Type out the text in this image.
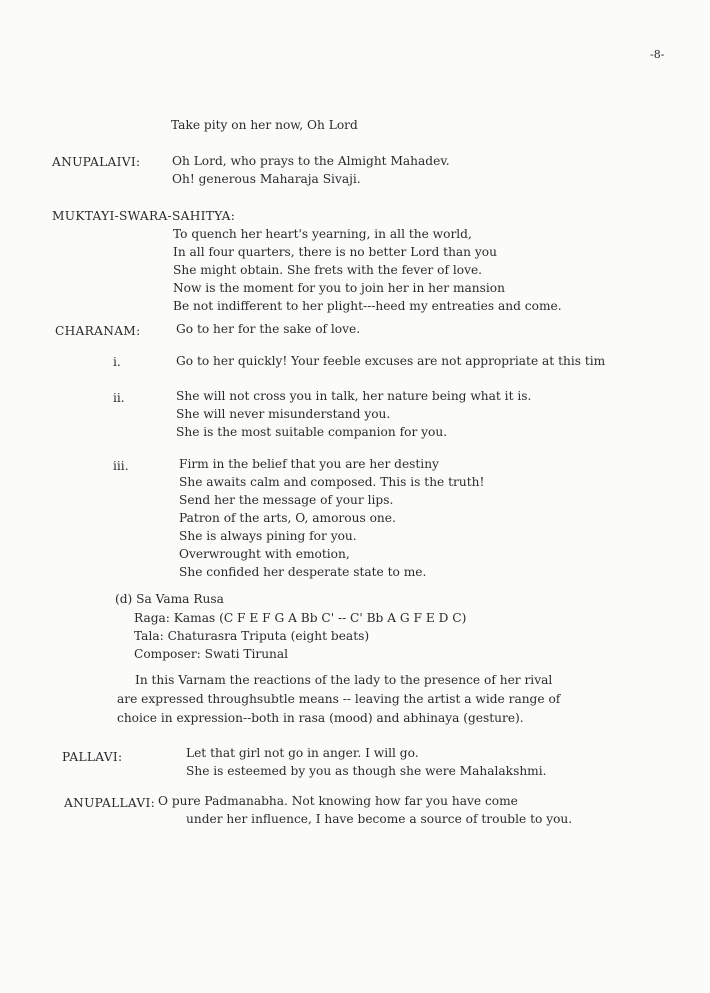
-8-
Take pity on her now, Oh Lord
ANUPALAIVI:	Oh Lord, who prays to the Almight Mahadev.
Oh! generous Maharaja Sivaji.
MUKTAYI-SWARA-SAHITYA:
To quench her heart's yearning, in all the world,
In all four quarters, there is no better Lord than you
She might obtain. She frets with the fever of love.
Now is the moment for you to join her in her mansion
Be not indifferent to her plight---heed my entreaties and come.
CHARANAM:	Go to her for the sake of love.
i.	Go to her quickly! Your feeble excuses are not appropriate at this tim
ii.	She will not cross you in talk, her nature being what it is.
She will never misunderstand you.
She is the most suitable companion for you.
iii.	Firm in the belief that you are her destiny
She awaits calm and composed. This is the truth!
Send her the message of your lips.
Patron of the arts, O, amorous one.
She is always pining for you.
Overwrought with emotion,
She confided her desperate state to me.
(d) Sa Vama Rusa
Raga: Kamas (C F E F G A Bb C' -- C' Bb A G F E D C)
Tala: Chaturasra Triputa (eight beats)
Composer: Swati Tirunal
In this Varnam the reactions of the lady to the presence of her rival
are expressed throughsubtle means -- leaving the artist a wide range of
choice in expression--both in rasa (mood) and abhinaya (gesture).
PALLAVI:	Let that girl not go in anger. I will go.
She is esteemed by you as though she were Mahalakshmi.
ANUPALLAVI: O pure Padmanabha. Not knowing how far you have come
under her influence, I have become a source of trouble to you.
